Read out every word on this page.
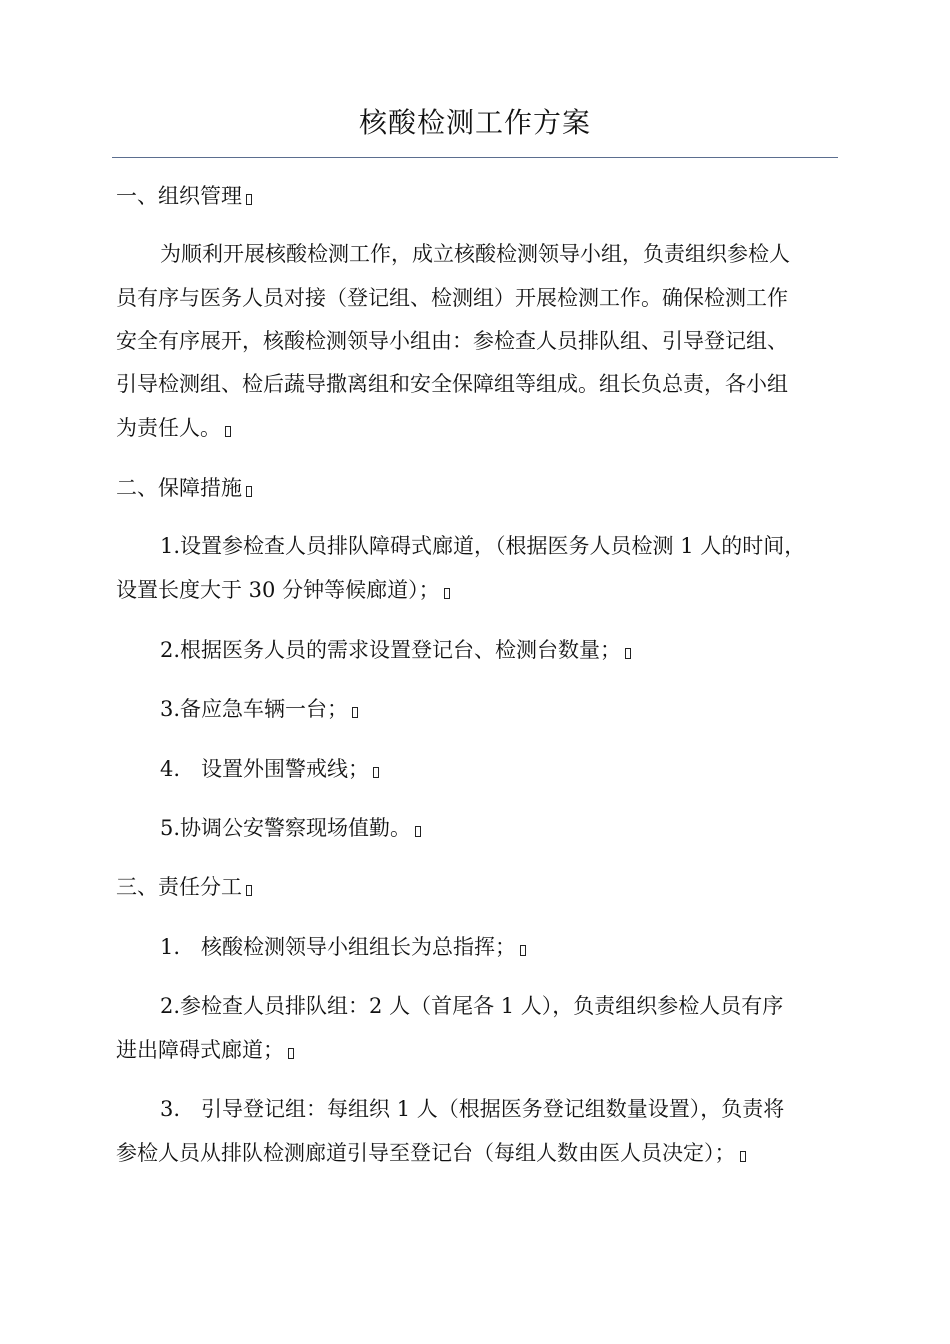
核酸检测工作方案
一、组织管理
为顺利开展核酸检测工作，成立核酸检测领导小组，负责组织参检人
员有序与医务人员对接（登记组、检测组）开展检测工作。确保检测工作
安全有序展开，核酸检测领导小组由：参检查人员排队组、引导登记组、
引导检测组、检后蔬导撒离组和安全保障组等组成。组长负总责，各小组
为责任人。
二、保障措施
1.设置参检查人员排队障碍式廊道，（根据医务人员检测 1 人的时间，
设置长度大于 30 分钟等候廊道）；
2.根据医务人员的需求设置登记台、检测台数量；
3.备应急车辆一台；
4.　设置外围警戒线；
5.协调公安警察现场值勤。
三、责任分工
1.　核酸检测领导小组组长为总指挥；
2.参检查人员排队组：2 人（首尾各 1 人），负责组织参检人员有序
进出障碍式廊道；
3.　引导登记组：每组织 1 人（根据医务登记组数量设置），负责将
参检人员从排队检测廊道引导至登记台（每组人数由医人员决定）；
